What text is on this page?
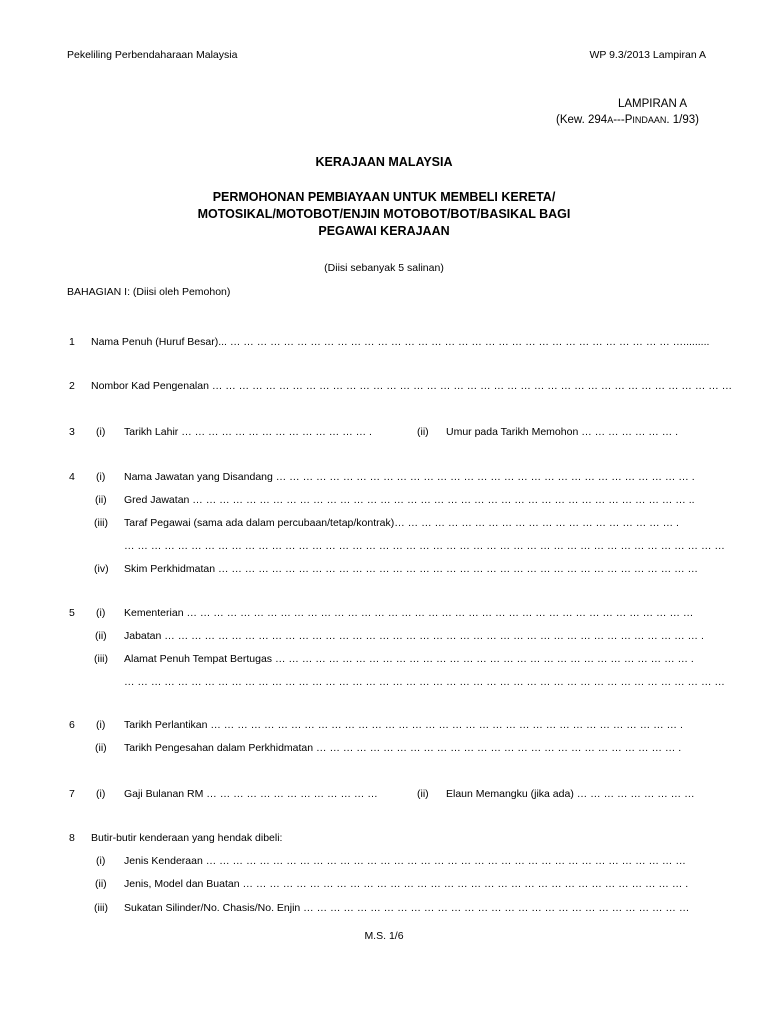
Pekeliling Perbendaharaan Malaysia	WP 9.3/2013 Lampiran A
LAMPIRAN A
(Kew. 294A---PINDAAN. 1/93)
KERAJAAN MALAYSIA
PERMOHONAN PEMBIAYAAN UNTUK MEMBELI KERETA/
MOTOSIKAL/MOTOBOT/ENJIN MOTOBOT/BOT/BASIKAL BAGI
PEGAWAI KERAJAAN
(Diisi sebanyak 5 salinan)
BAHAGIAN I: (Diisi oleh Pemohon)
1 Nama Penuh (Huruf Besar)... … … … … … … … … … … … … … … … … … … … … … … … … … … … … … … … … … ….........
2 Nombor Kad Pengenalan … … … … … … … … … … … … … … … … … … … … … … … … … … … … … … … … … … … … … … …
3 (i) Tarikh Lahir … … … … … … … … … … … … … … .	(ii) Umur pada Tarikh Memohon … … … … … … … .
4 (i) Nama Jawatan yang Disandang … … … … … … … … … … … … … … … … … … … … … … … … … … … … … … … .
(ii) Gred Jawatan … … … … … … … … … … … … … … … … … … … … … … … … … … … … … … … … … … … … … ..
(iii) Taraf Pegawai (sama ada dalam percubaan/tetap/kontrak)… … … … … … … … … … … … … … … … … … … … … .
… … … … … … … … … … … … … … … … … … … … … … … … … … … … … … … … … … … … … … … … … … … … …
(iv) Skim Perkhidmatan … … … … … … … … … … … … … … … … … … … … … … … … … … … … … … … … … … … …
5 (i) Kementerian … … … … … … … … … … … … … … … … … … … … … … … … … … … … … … … … … … … … … …
(ii) Jabatan … … … … … … … … … … … … … … … … … … … … … … … … … … … … … … … … … … … … … … … … .
(iii) Alamat Penuh Tempat Bertugas … … … … … … … … … … … … … … … … … … … … … … … … … … … … … … … .
… … … … … … … … … … … … … … … … … … … … … … … … … … … … … … … … … … … … … … … … … … … … …
6 (i) Tarikh Perlantikan … … … … … … … … … … … … … … … … … … … … … … … … … … … … … … … … … … … .
(ii) Tarikh Pengesahan dalam Perkhidmatan … … … … … … … … … … … … … … … … … … … … … … … … … … … .
7 (i) Gaji Bulanan RM … … … … … … … … … … … … …	(ii) Elaun Memangku (jika ada) … … … … … … … … …
8 Butir-butir kenderaan yang hendak dibeli:
(i) Jenis Kenderaan … … … … … … … … … … … … … … … … … … … … … … … … … … … … … … … … … … … …
(ii) Jenis, Model dan Buatan … … … … … … … … … … … … … … … … … … … … … … … … … … … … … … … … … .
(iii) Sukatan Silinder/No. Chasis/No. Enjin … … … … … … … … … … … … … … … … … … … … … … … … … … … … …
M.S. 1/6
